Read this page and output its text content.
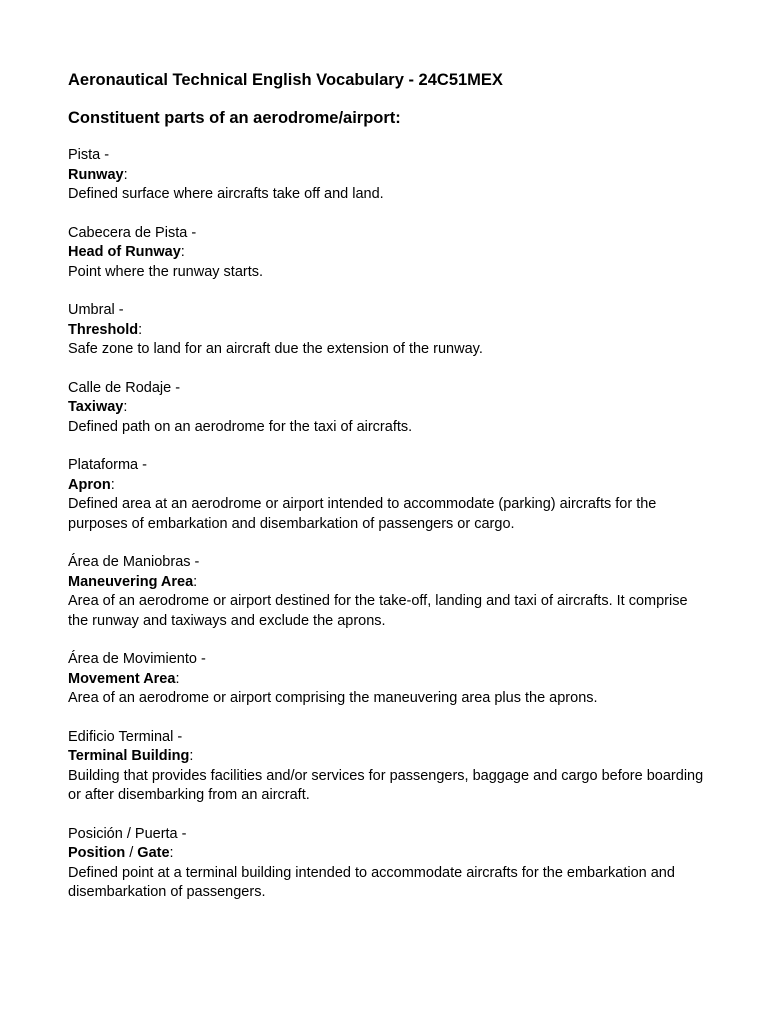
Aeronautical Technical English Vocabulary - 24C51MEX
Constituent parts of an aerodrome/airport:
Pista -
Runway:
Defined surface where aircrafts take off and land.
Cabecera de Pista -
Head of Runway:
Point where the runway starts.
Umbral -
Threshold:
Safe zone to land for an aircraft due the extension of the runway.
Calle de Rodaje -
Taxiway:
Defined path on an aerodrome for the taxi of aircrafts.
Plataforma -
Apron:
Defined area at an aerodrome or airport intended to accommodate (parking) aircrafts for the purposes of embarkation and disembarkation of passengers or cargo.
Área de Maniobras -
Maneuvering Area:
Area of an aerodrome or airport destined for the take-off, landing and taxi of aircrafts. It comprise the runway and taxiways and exclude the aprons.
Área de Movimiento -
Movement Area:
Area of an aerodrome or airport comprising the maneuvering area plus the aprons.
Edificio Terminal -
Terminal Building:
Building that provides facilities and/or services for passengers, baggage and cargo before boarding or after disembarking from an aircraft.
Posición / Puerta -
Position / Gate:
Defined point at a terminal building intended to accommodate aircrafts for the embarkation and disembarkation of passengers.
